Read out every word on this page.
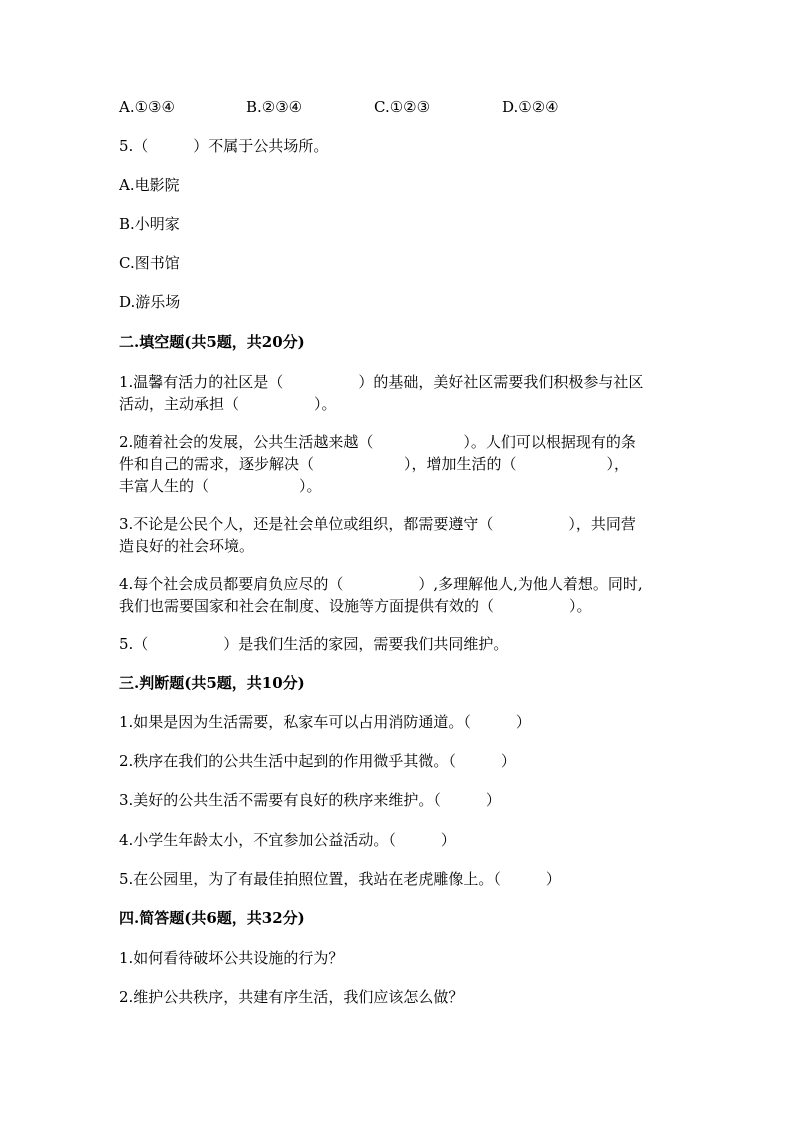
A.①③④	B.②③④	C.①②③	D.①②④
5.（　　　）不属于公共场所。
A.电影院
B.小明家
C.图书馆
D.游乐场
二.填空题(共5题，共20分)
1.温馨有活力的社区是（　　　　　）的基础，美好社区需要我们积极参与社区
活动，主动承担（　　　　　）。
2.随着社会的发展，公共生活越来越（　　　　　　）。人们可以根据现有的条
件和自己的需求，逐步解决（　　　　　　），增加生活的（　　　　　　），
丰富人生的（　　　　　　）。
3.不论是公民个人，还是社会单位或组织，都需要遵守（　　　　　），共同营
造良好的社会环境。
4.每个社会成员都要肩负应尽的（　　　　　）,多理解他人,为他人着想。同时,
我们也需要国家和社会在制度、设施等方面提供有效的（　　　　　）。
5.（　　　　　）是我们生活的家园，需要我们共同维护。
三.判断题(共5题，共10分)
1.如果是因为生活需要，私家车可以占用消防通道。（　　　）
2.秩序在我们的公共生活中起到的作用微乎其微。（　　　）
3.美好的公共生活不需要有良好的秩序来维护。（　　　）
4.小学生年龄太小，不宜参加公益活动。（　　　）
5.在公园里，为了有最佳拍照位置，我站在老虎雕像上。（　　　）
四.简答题(共6题，共32分)
1.如何看待破坏公共设施的行为？
2.维护公共秩序，共建有序生活，我们应该怎么做？
